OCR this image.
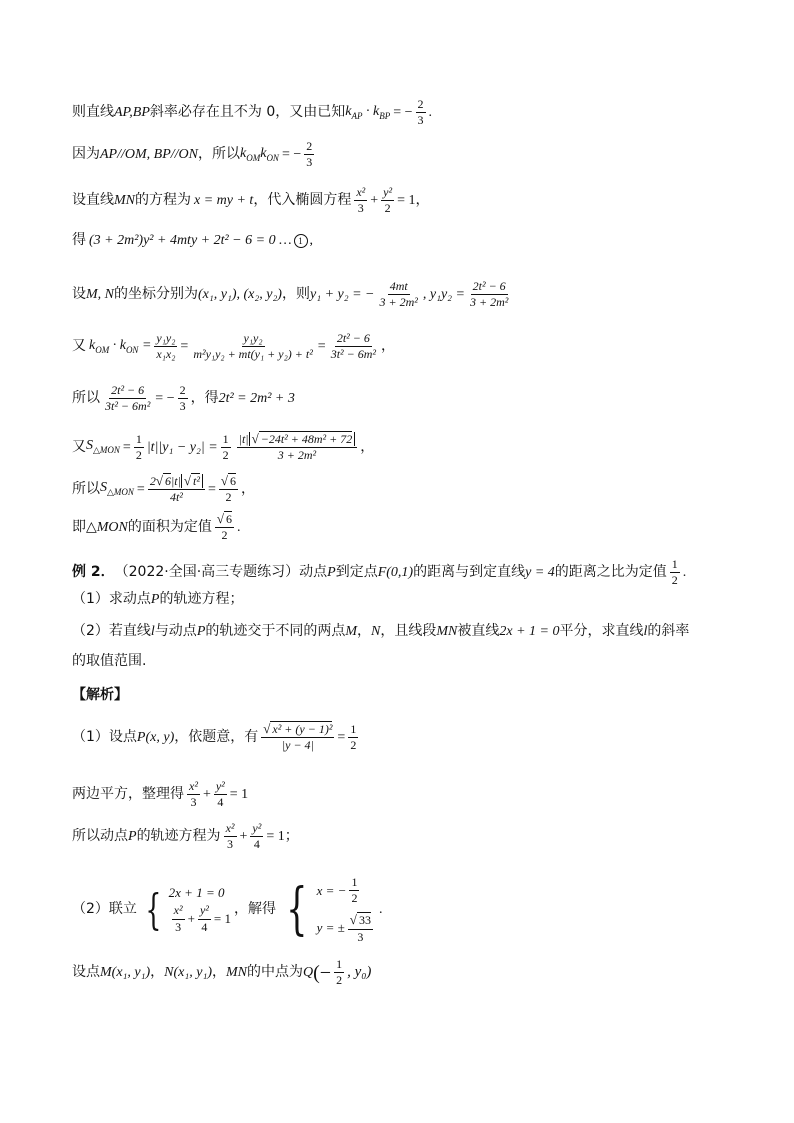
则直线 AP,BP 斜率必存在且不为 0，又由已知 $k_{AP} \cdot k_{BP}$ = − $\frac{2}{3}$ .
因为 AP//OM, BP//ON ，所以 $k_{OM}k_{ON}$ = − $\frac{2}{3}$
设直线 MN 的方程为 x = my + t ，代入椭圆方程 $\frac{\text{x²}}{3} + \frac{\text{y²}}{2} = 1$，
得 (3 + 2m²)y² + 4mty + 2t² − 6 = 0 … 1 ,
设 M, N 的坐标分别为 (x₁, y₁), (x₂, y₂) ，则 y₁ + y₂ = − $\frac{4mt}{\text{3 + 2m²}}$ , $y_1y_2 = \frac{\text{2t² − 6}}{\text{3 + 2m²}}$
又 $k_{OM} \cdot k_{ON} = \frac{\text{y₁y₂}}{\text{x₁x₂}} = \frac{\text{y₁y₂}}{\text{m²y₁y₂ + mt(y₁ + y₂) + t²}} = \frac{\text{2t² − 6}}{\text{3t² − 6m²}}$ ，
所以 $\frac{\text{2t² − 6}}{\text{3t² − 6m²}}$ = − $\frac{2}{3}$ ，得 2t² = 2m² + 3
又 $S_{\triangle MON} = \frac{1}{2} |t||y_1 - y_2| = \frac{1}{2} \frac{\text{|t| √ −24t² + 48m² + 72}}{\text{3 + 2m²}}$ ，
所以 $S_{\triangle MON} = \frac{\text{2√ 6|t| √ t²}}{\text{4t²}} = \frac{√ 6}{2}$ ，
即 △MON 的面积为定值 $\frac{√ 6}{2}$ .
例 2． （2022·全国·高三专题练习） 动点 P 到定点 F(0,1) 的距离与到定直线 y = 4 的距离之比为定值 $\frac{1}{2}$ .
（1）求动点 P 的轨迹方程；
（2）若直线 l 与动点 P 的轨迹交于不同的两点 M ， N ，且线段 MN 被直线 2x + 1 = 0 平分，求直线 l 的斜率
的取值范围.
【解析】
（1）设点 P(x, y) ，依题意，有 $\frac{\text{√ x² + (y − 1)²}}{|y - 4|} = \frac{1}{2}$
两边平方，整理得 $\frac{\text{x²}}{3} + \frac{\text{y²}}{4} = 1$
所以动点 P 的轨迹方程为 $\frac{\text{x²}}{3} + \frac{\text{y²}}{4} = 1$；
（2）联立 { 2x + 1 = 0
$\frac{\text{x²}}{3} + \frac{\text{y²}}{4} = 1$
，解得 { x = − $\frac{1}{2}$
y = ± $\frac{√ 33}{3}$
.
设点 M(x₁, y₁) ， N(x₁, y₁) ， MN 的中点为 Q (− $\frac{1}{2}$ , y₀)
